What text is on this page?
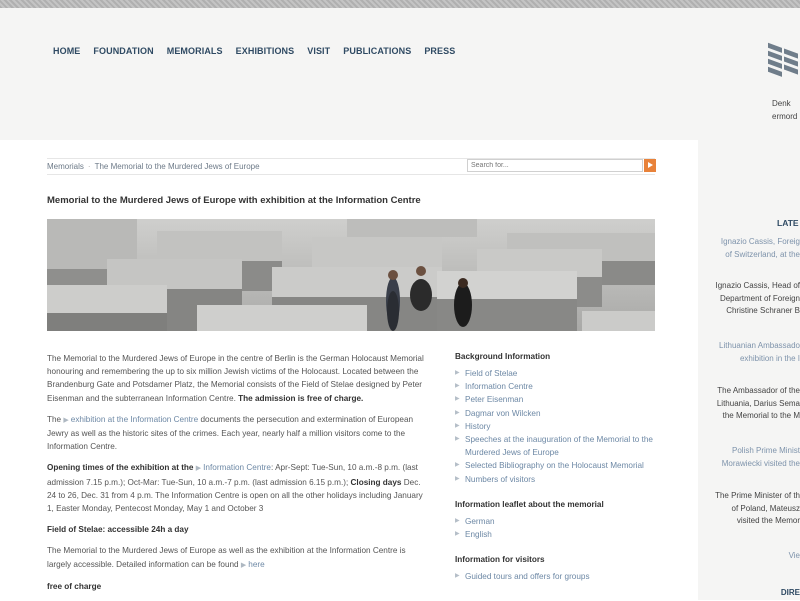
HOME FOUNDATION MEMORIALS EXHIBITIONS VISIT PUBLICATIONS PRESS
Denk
ermord
Memorials · The Memorial to the Murdered Jews of Europe
Search for...
Memorial to the Murdered Jews of Europe with exhibition at the Information Centre

The Memorial to the Murdered Jews of Europe in the centre of Berlin is the German Holocaust Memorial honouring and remembering the up to six million Jewish victims of the Holocaust. Located between the Brandenburg Gate and Potsdamer Platz, the Memorial consists of the Field of Stelae designed by Peter Eisenman and the subterranean Information Centre. The admission is free of charge.

The ▶ exhibition at the Information Centre documents the persecution and extermination of European Jewry as well as the historic sites of the crimes. Each year, nearly half a million visitors come to the Information Centre.

Opening times of the exhibition at the ▶ Information Centre: Apr-Sept: Tue-Sun, 10 a.m.-8 p.m. (last admission 7.15 p.m.); Oct-Mar: Tue-Sun, 10 a.m.-7 p.m. (last admission 6.15 p.m.); Closing days Dec. 24 to 26, Dec. 31 from 4 p.m. The Information Centre is open on all the other holidays including January 1, Easter Monday, Pentecost Monday, May 1 and October 3

Field of Stelae: accessible 24h a day

The Memorial to the Murdered Jews of Europe as well as the exhibition at the Information Centre is largely accessible. Detailed information can be found ▶ here

free of charge

Background Information
▶ Field of Stelae
▶ Information Centre
▶ Peter Eisenman
▶ Dagmar von Wilcken
▶ History
▶ Speeches at the inauguration of the Memorial to the Murdered Jews of Europe
▶ Selected Bibliography on the Holocaust Memorial
▶ Numbers of visitors
Information leaflet about the memorial
▶ German
▶ English
Information for visitors
▶ Guided tours and offers for groups
LATE
Ignazio Cassis, Foreig
of Switzerland, at the
Ignazio Cassis, Head of
Department of Foreign
Christine Schraner B
Lithuanian Ambassado
exhibition in the I
The Ambassador of the
Lithuania, Darius Sema
the Memorial to the M
Polish Prime Minist
Morawiecki visited the
The Prime Minister of th
of Poland, Mateusz
visited the Memor
Vie
DIRE
